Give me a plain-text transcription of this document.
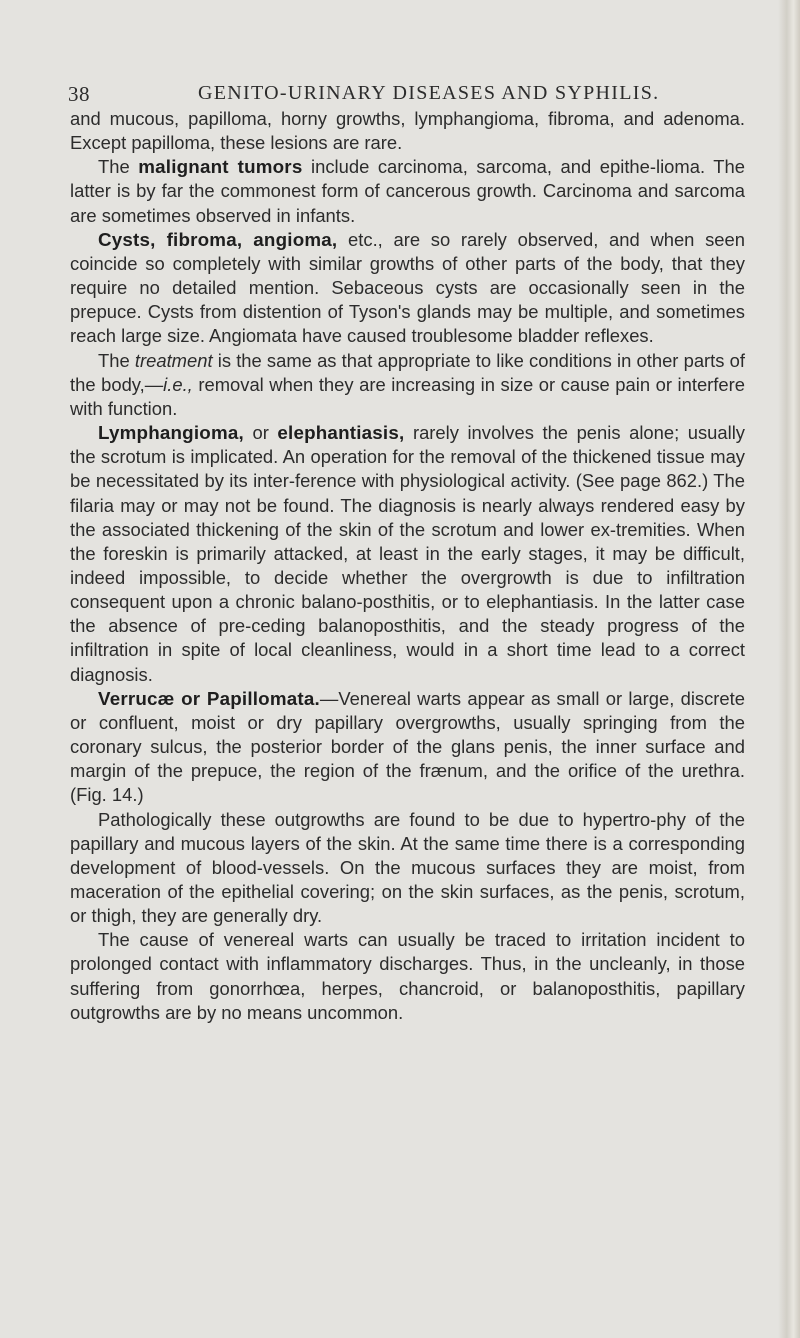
38	GENITO-URINARY DISEASES AND SYPHILIS.

and mucous, papilloma, horny growths, lymphangioma, fibroma, and adenoma. Except papilloma, these lesions are rare.

The malignant tumors include carcinoma, sarcoma, and epithe-lioma. The latter is by far the commonest form of cancerous growth. Carcinoma and sarcoma are sometimes observed in infants.

Cysts, fibroma, angioma, etc., are so rarely observed, and when seen coincide so completely with similar growths of other parts of the body, that they require no detailed mention. Sebaceous cysts are occasionally seen in the prepuce. Cysts from distention of Tyson's glands may be multiple, and sometimes reach large size. Angiomata have caused troublesome bladder reflexes.

The treatment is the same as that appropriate to like conditions in other parts of the body,—i.e., removal when they are increasing in size or cause pain or interfere with function.

Lymphangioma, or elephantiasis, rarely involves the penis alone; usually the scrotum is implicated. An operation for the removal of the thickened tissue may be necessitated by its inter-ference with physiological activity. (See page 862.) The filaria may or may not be found. The diagnosis is nearly always rendered easy by the associated thickening of the skin of the scrotum and lower ex-tremities. When the foreskin is primarily attacked, at least in the early stages, it may be difficult, indeed impossible, to decide whether the overgrowth is due to infiltration consequent upon a chronic balano-posthitis, or to elephantiasis. In the latter case the absence of pre-ceding balanoposthitis, and the steady progress of the infiltration in spite of local cleanliness, would in a short time lead to a correct diagnosis.

Verrucæ or Papillomata.—Venereal warts appear as small or large, discrete or confluent, moist or dry papillary overgrowths, usually springing from the coronary sulcus, the posterior border of the glans penis, the inner surface and margin of the prepuce, the region of the frænum, and the orifice of the urethra. (Fig. 14.)

Pathologically these outgrowths are found to be due to hypertro-phy of the papillary and mucous layers of the skin. At the same time there is a corresponding development of blood-vessels. On the mucous surfaces they are moist, from maceration of the epithelial covering; on the skin surfaces, as the penis, scrotum, or thigh, they are generally dry.

The cause of venereal warts can usually be traced to irritation incident to prolonged contact with inflammatory discharges. Thus, in the uncleanly, in those suffering from gonorrhœa, herpes, chancroid, or balanoposthitis, papillary outgrowths are by no means uncommon.
